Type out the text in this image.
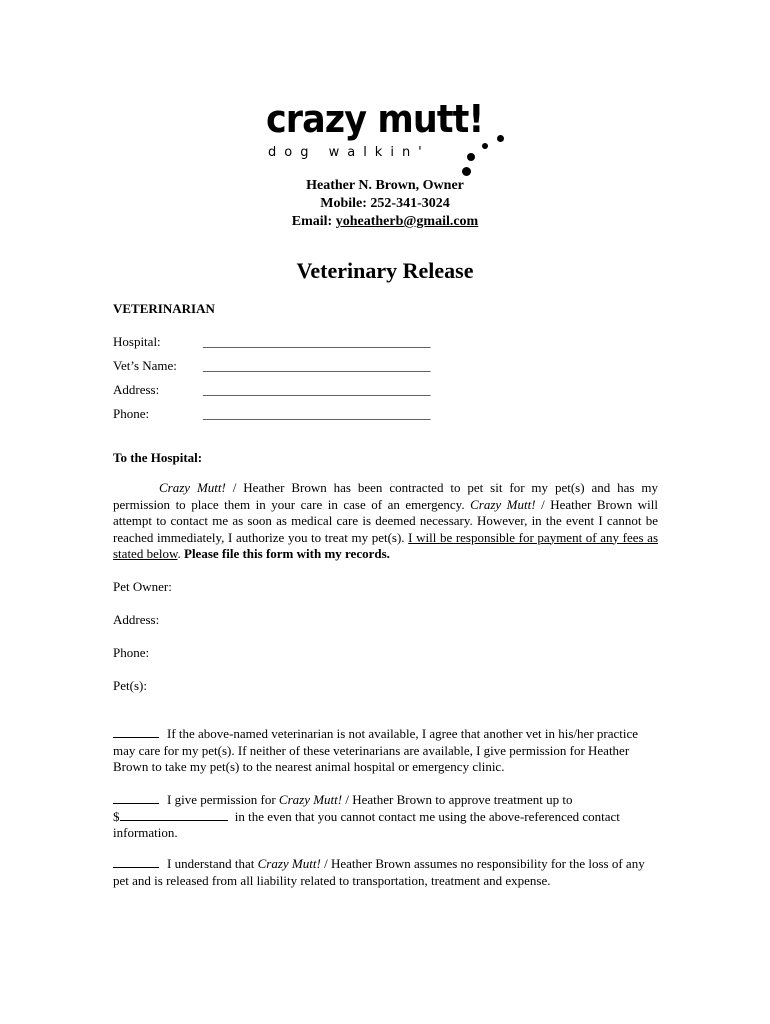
crazy mutt!
dog walkin'
Heather N. Brown, Owner
Mobile: 252-341-3024
Email: yoheatherb@gmail.com
Veterinary Release
VETERINARIAN
Hospital:	___________________________________
Vet’s Name: ___________________________________
Address:	___________________________________
Phone:	___________________________________
To the Hospital:
Crazy Mutt! / Heather Brown has been contracted to pet sit for my pet(s) and has my permission to place them in your care in case of an emergency. Crazy Mutt! / Heather Brown will attempt to contact me as soon as medical care is deemed necessary. However, in the event I cannot be reached immediately, I authorize you to treat my pet(s). I will be responsible for payment of any fees as stated below. Please file this form with my records.
Pet Owner:
Address:
Phone:
Pet(s):
If the above-named veterinarian is not available, I agree that another vet in his/her practice may care for my pet(s). If neither of these veterinarians are available, I give permission for Heather Brown to take my pet(s) to the nearest animal hospital or emergency clinic.
I give permission for Crazy Mutt! / Heather Brown to approve treatment up to
$	in the even that you cannot contact me using the above-referenced contact information.
I understand that Crazy Mutt! / Heather Brown assumes no responsibility for the loss of any pet and is released from all liability related to transportation, treatment and expense.
